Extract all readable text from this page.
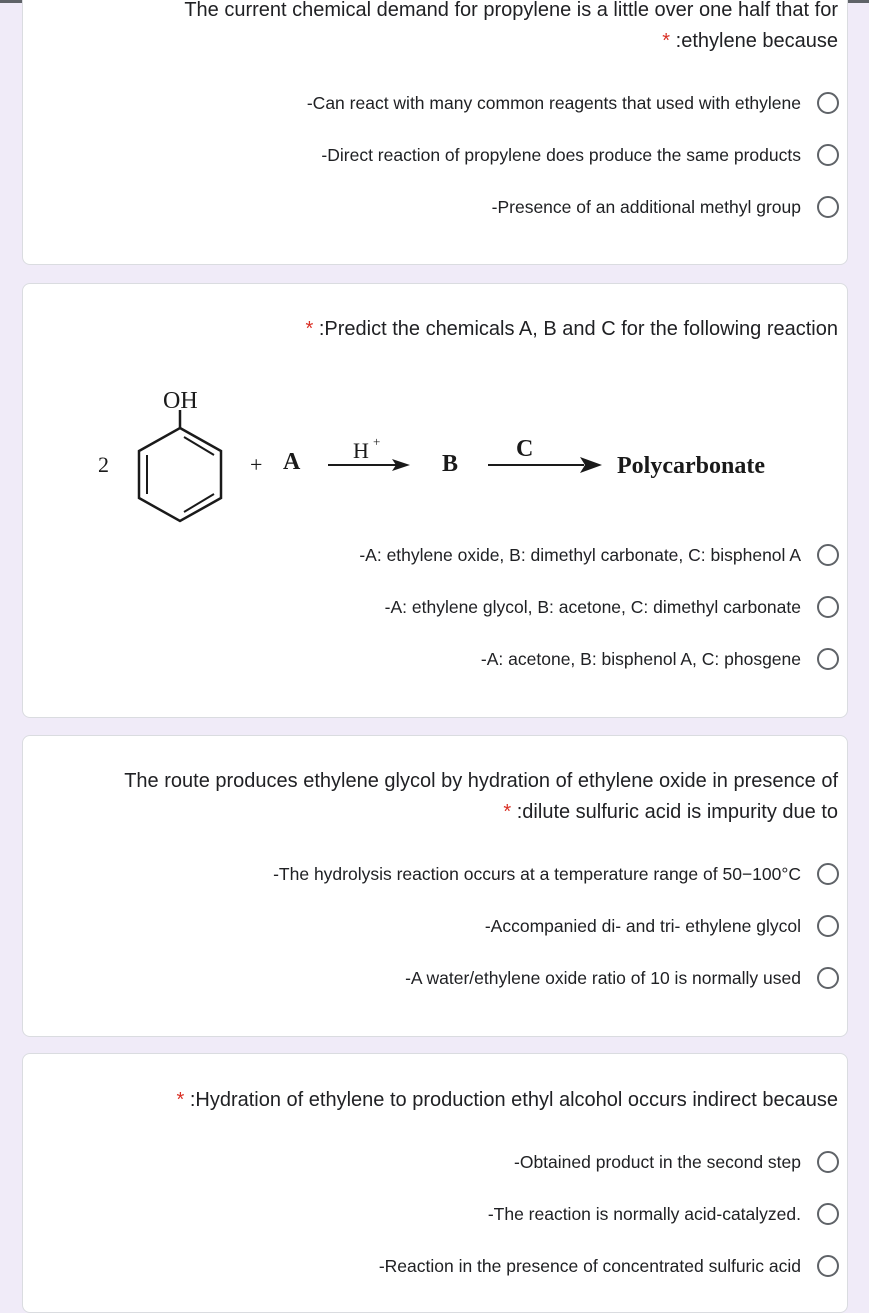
The current chemical demand for propylene is a little over one half that for
* :ethylene because
-Can react with many common reagents that used with ethylene
-Direct reaction of propylene does produce the same products
-Presence of an additional methyl group
* :Predict the chemicals A, B and C for the following reaction
OH
2	+ A H +
B
C
Polycarbonate
-A: ethylene oxide, B: dimethyl carbonate, C: bisphenol A
-A: ethylene glycol, B: acetone, C: dimethyl carbonate
-A: acetone, B: bisphenol A, C: phosgene
The route produces ethylene glycol by hydration of ethylene oxide in presence of
* :dilute sulfuric acid is impurity due to
-The hydrolysis reaction occurs at a temperature range of 50−100°C
-Accompanied di- and tri- ethylene glycol
-A water/ethylene oxide ratio of 10 is normally used
* :Hydration of ethylene to production ethyl alcohol occurs indirect because
-Obtained product in the second step
-The reaction is normally acid-catalyzed.
-Reaction in the presence of concentrated sulfuric acid
